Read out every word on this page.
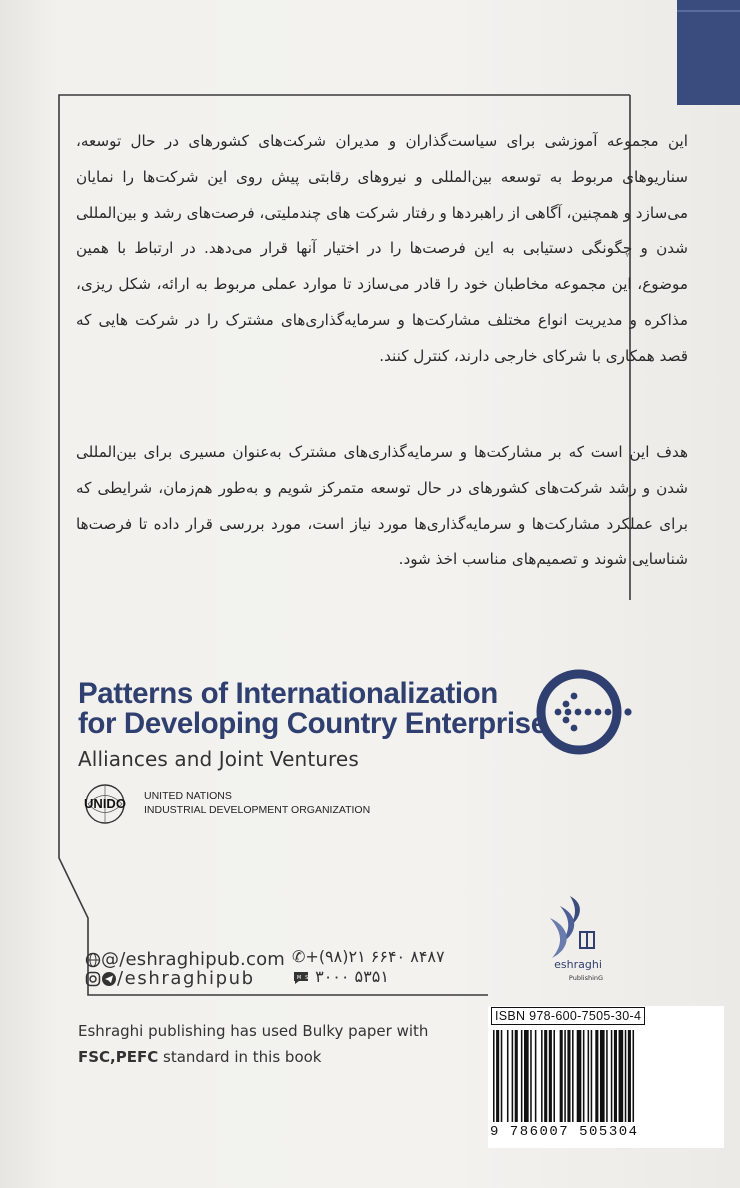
این مجموعه آموزشی برای سیاست‌گذاران و مدیران شرکت‌های کشورهای در حال توسعه، سناریوهای مربوط به توسعه بین‌المللی و نیروهای رقابتی پیش روی این شرکت‌ها را نمایان می‌سازد و همچنین، آگاهی از راهبردها و رفتار شرکت های چندملیتی، فرصت‌های رشد و بین‌المللی شدن و چگونگی دستیابی به این فرصت‌ها را در اختیار آنها قرار می‌دهد. در ارتباط با همین موضوع، این مجموعه مخاطبان خود را قادر می‌سازد تا موارد عملی مربوط به ارائه، شکل ریزی، مذاکره و مدیریت انواع مختلف مشارکت‌ها و سرمایه‌گذاری‌های مشترک را در شرکت هایی که قصد همکاری با شرکای خارجی دارند، کنترل کنند.
هدف این است که بر مشارکت‌ها و سرمایه‌گذاری‌های مشترک به‌عنوان مسیری برای بین‌المللی شدن و رشد شرکت‌های کشورهای در حال توسعه متمرکز شویم و به‌طور هم‌زمان، شرایطی که برای عملکرد مشارکت‌ها و سرمایه‌گذاری‌ها مورد نیاز است، مورد بررسی قرار داده تا فرصت‌ها شناسایی شوند و تصمیم‌های مناسب اخذ شود.
Patterns of Internationalization
for Developing Country Enterprise
Alliances and Joint Ventures
UNIDO UNITED NATIONS
INDUSTRIAL DEVELOPMENT ORGANIZATION
eshraghi
PublishinG
@/eshraghipub.com
/eshraghipub
✆+(۹۸)۲۱ ۶۶۴۰ ۸۴۸۷
SMS ۳۰۰۰ ۵۳۵۱
Eshraghi publishing has used Bulky paper with
FSC,PEFC standard in this book
ISBN 978-600-7505-30-4
9 786007 505304
